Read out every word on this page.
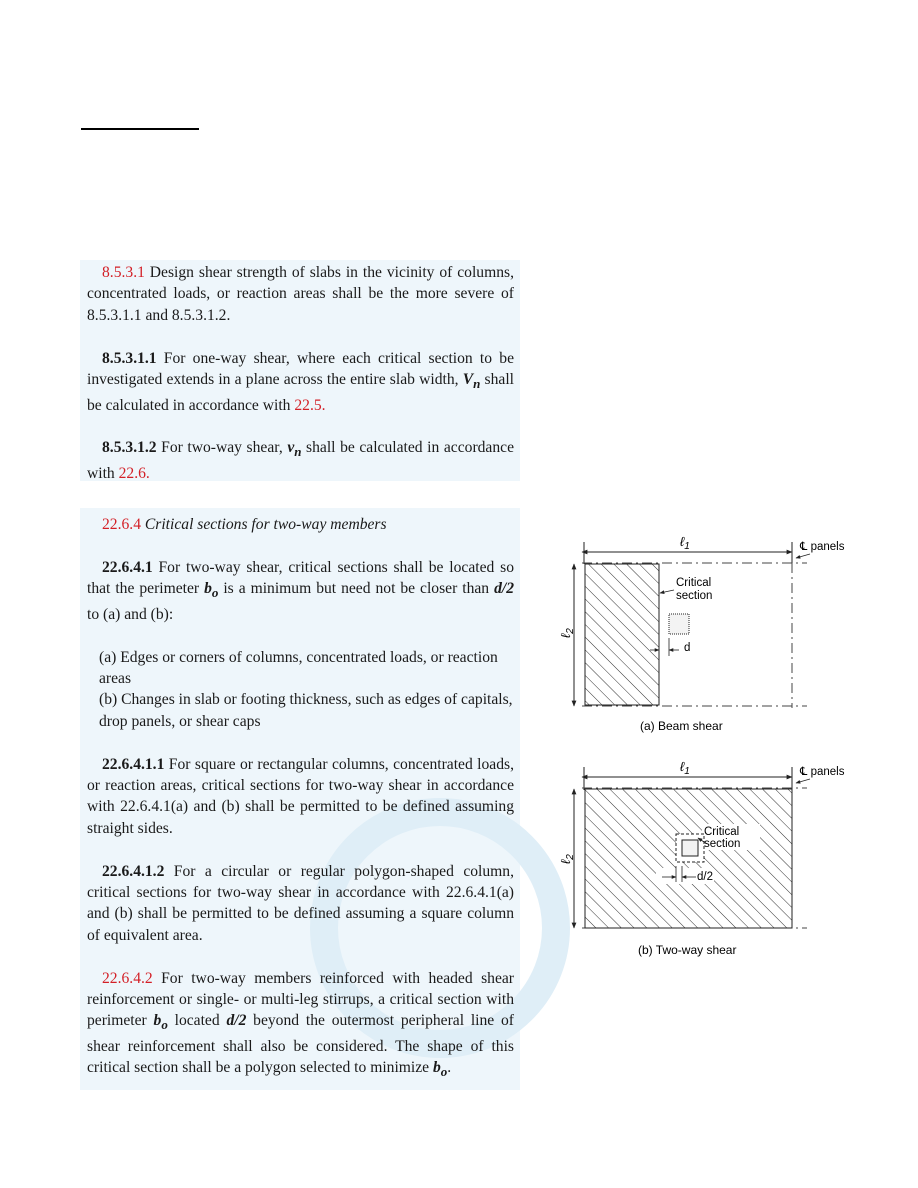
8.5.3.1 Design shear strength of slabs in the vicinity of columns, concentrated loads, or reaction areas shall be the more severe of 8.5.3.1.1 and 8.5.3.1.2.

8.5.3.1.1 For one-way shear, where each critical section to be investigated extends in a plane across the entire slab width, $V_n$ shall be calculated in accordance with 22.5.

8.5.3.1.2 For two-way shear, $v_n$ shall be calculated in accordance with 22.6.

22.6.4 Critical sections for two-way members

22.6.4.1 For two-way shear, critical sections shall be located so that the perimeter $b_o$ is a minimum but need not be closer than d/2 to (a) and (b):

(a) Edges or corners of columns, concentrated loads, or reaction areas

(b) Changes in slab or footing thickness, such as edges of capitals, drop panels, or shear caps

22.6.4.1.1 For square or rectangular columns, concentrated loads, or reaction areas, critical sections for two-way shear in accordance with 22.6.4.1(a) and (b) shall be permitted to be defined assuming straight sides.

22.6.4.1.2 For a circular or regular polygon-shaped column, critical sections for two-way shear in accordance with 22.6.4.1(a) and (b) shall be permitted to be defined assuming a square column of equivalent area.

22.6.4.2 For two-way members reinforced with headed shear reinforcement or single- or multi-leg stirrups, a critical section with perimeter $b_o$ located d/2 beyond the outermost peripheral line of shear reinforcement shall also be considered. The shape of this critical section shall be a polygon selected to minimize $b_o$.

ℓ$_1$	℄ panels
ℓ$_2$
Critical section
d
(a) Beam shear
ℓ$_1$	℄ panels
ℓ$_2$
Critical section
d/2
(b) Two-way shear
